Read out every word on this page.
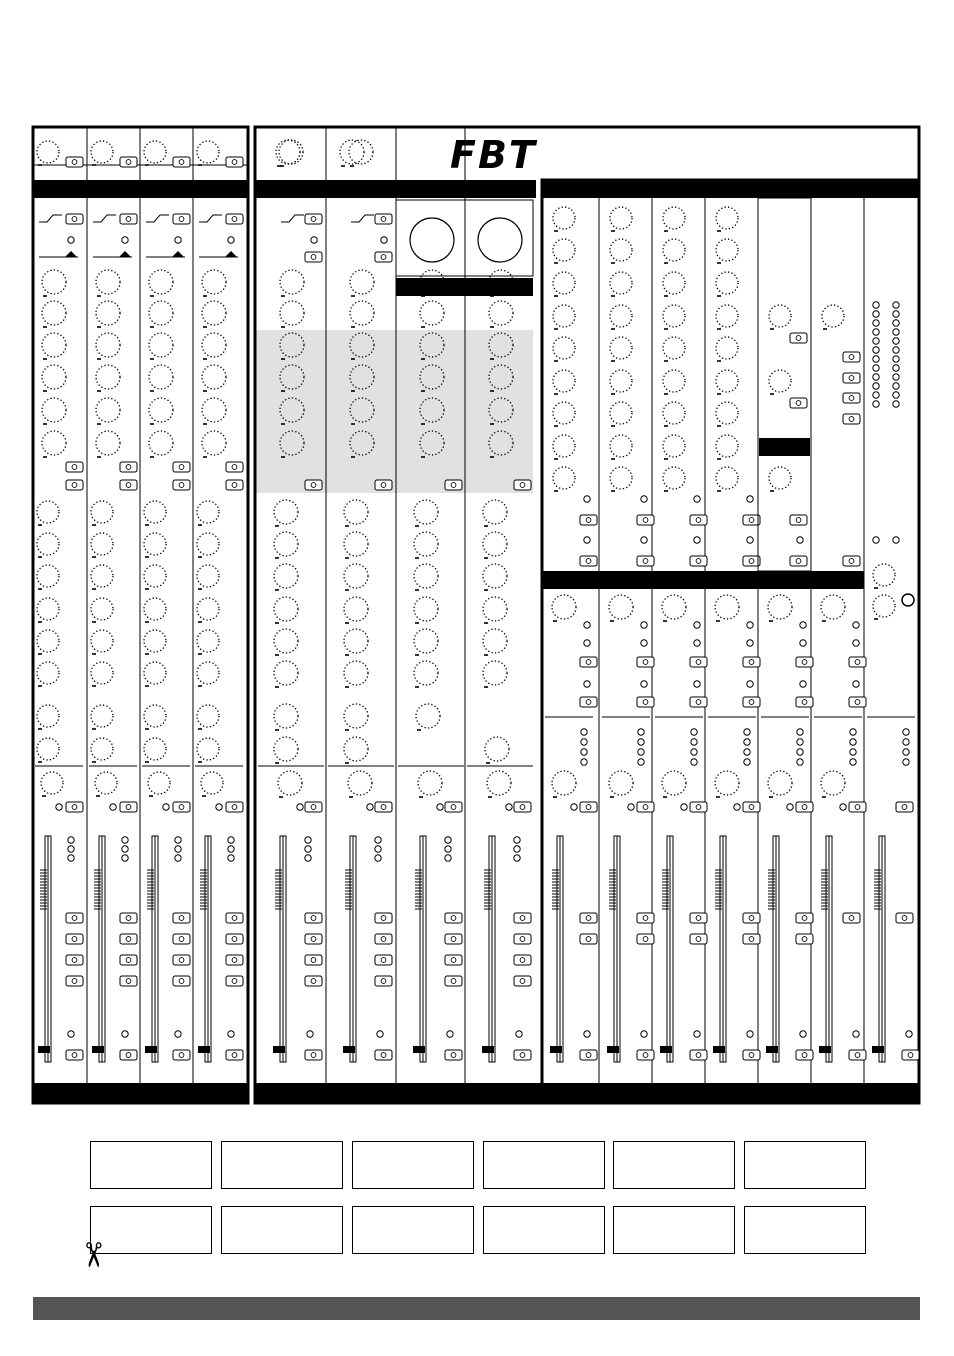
FBT
✂
